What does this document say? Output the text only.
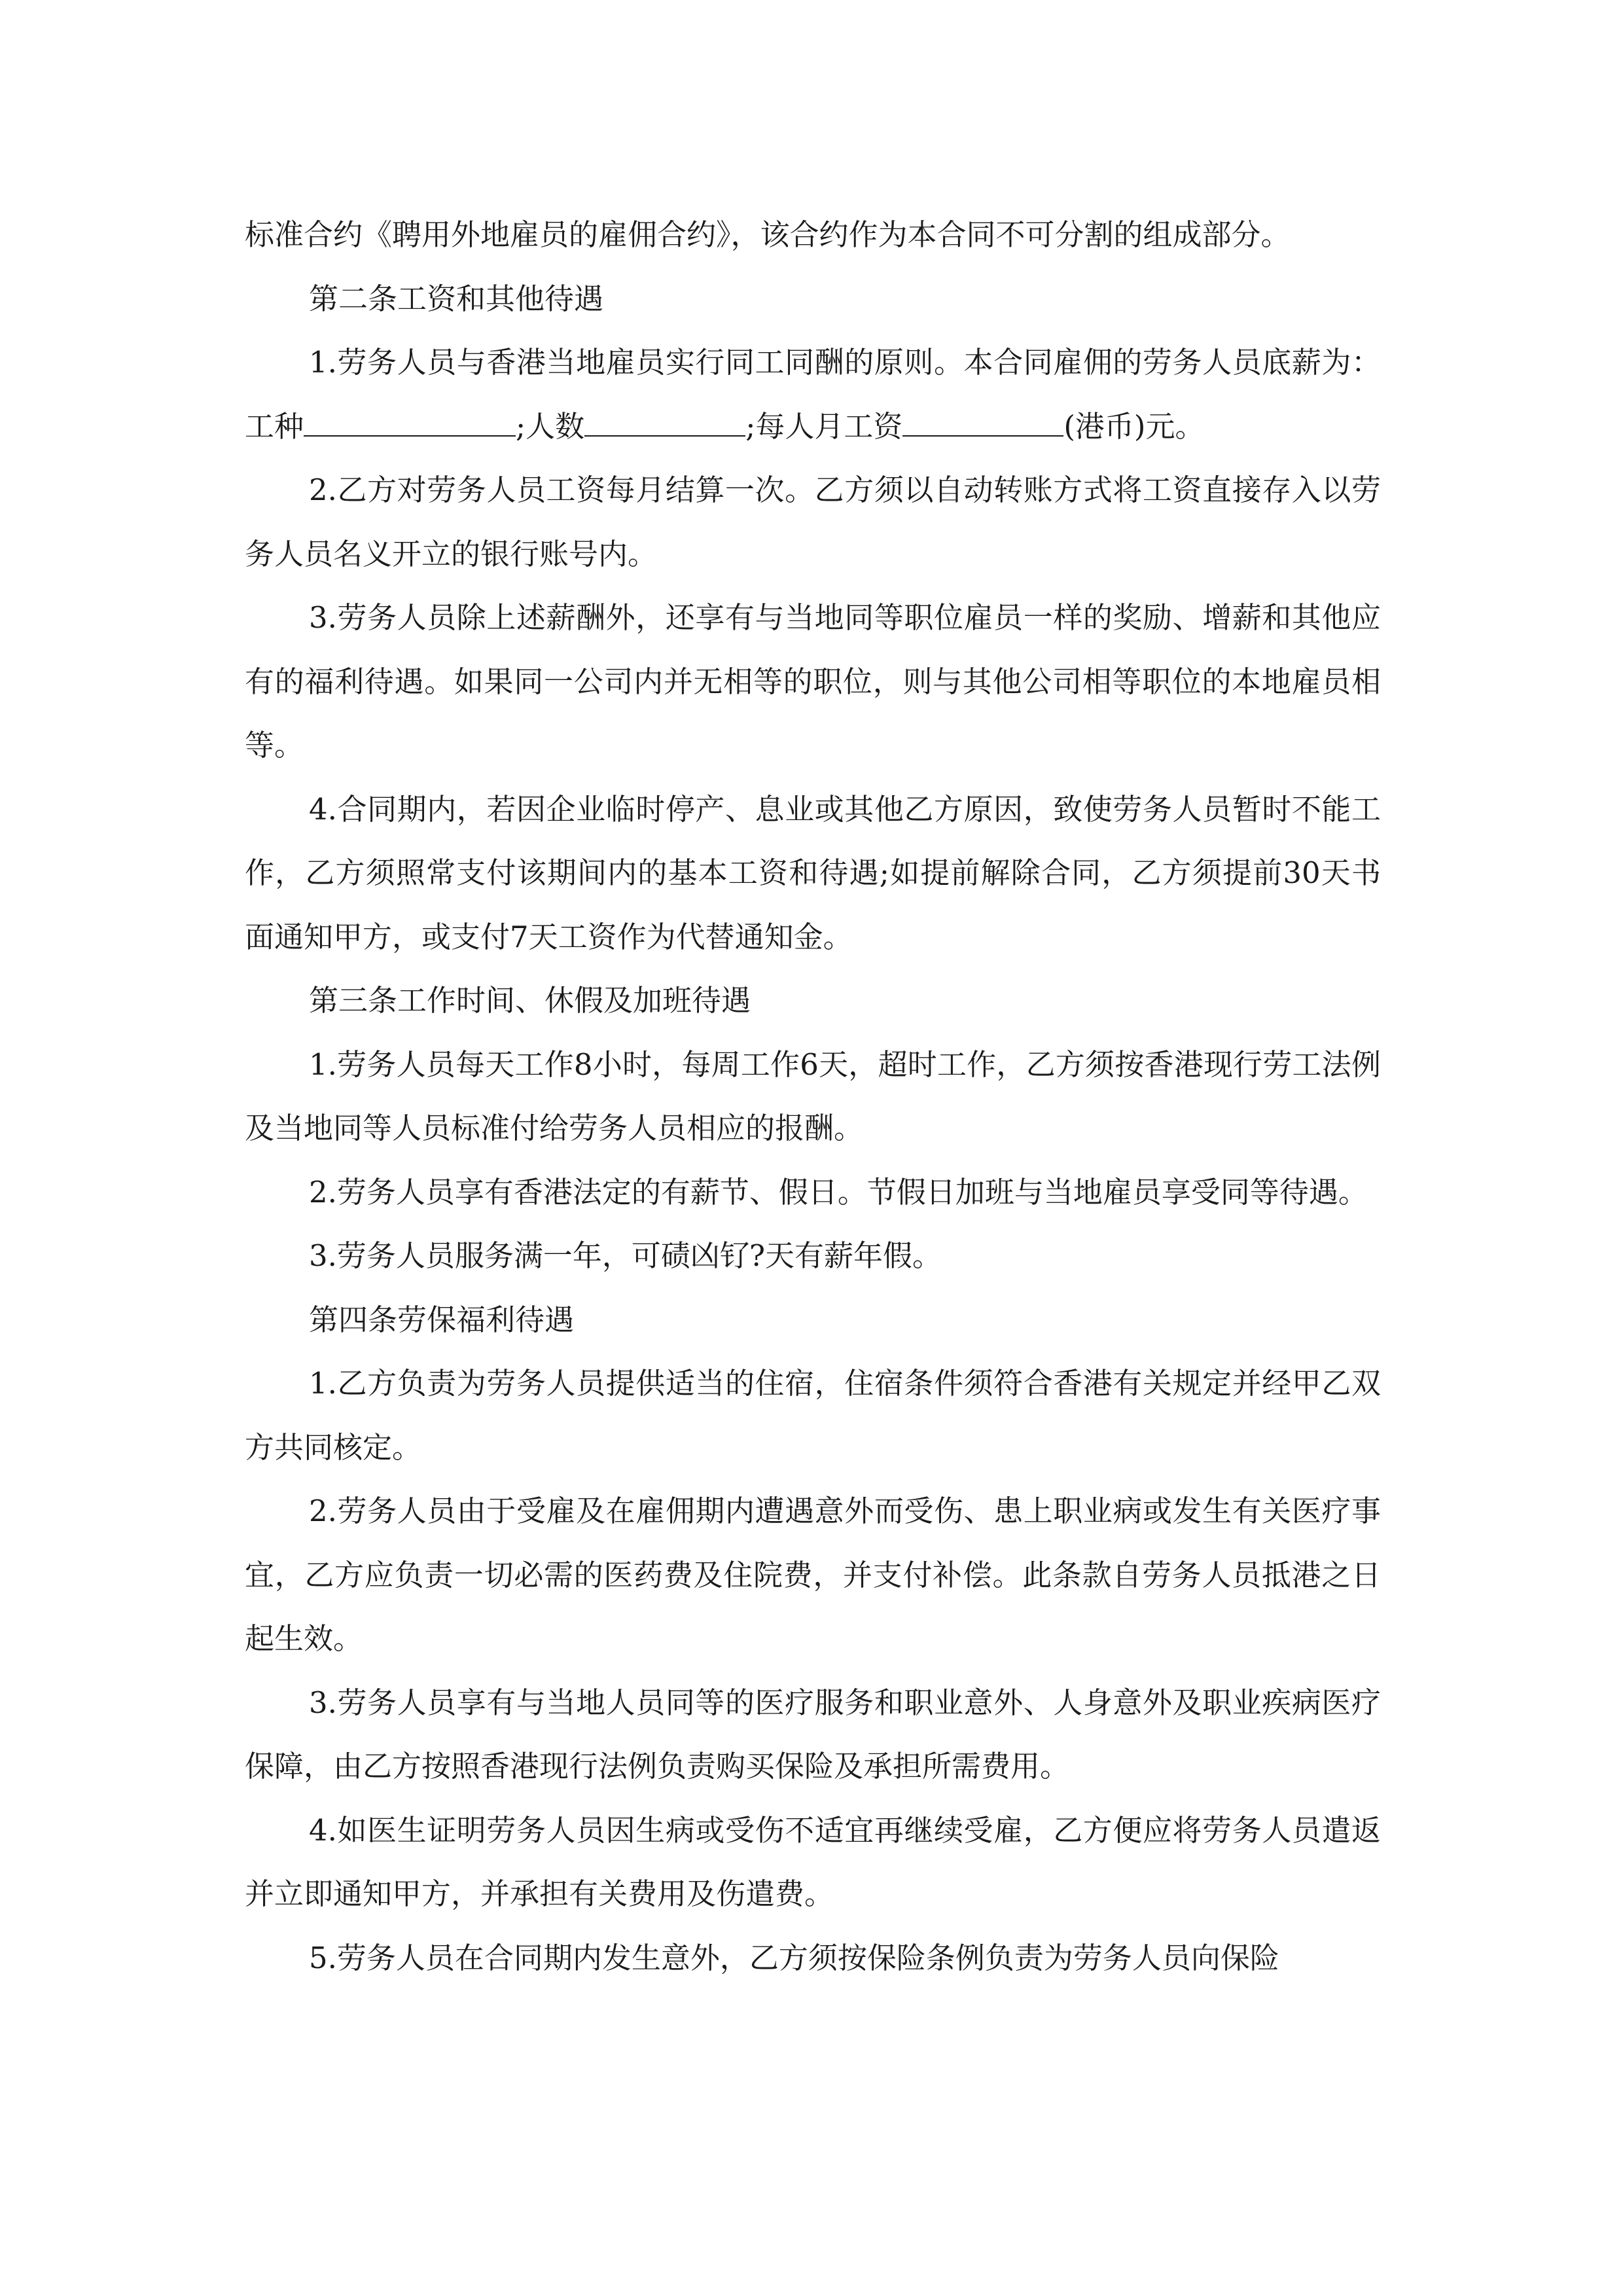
标准合约《聘用外地雇员的雇佣合约》，该合约作为本合同不可分割的组成部分。

第二条工资和其他待遇

1.劳务人员与香港当地雇员实行同工同酬的原则。本合同雇佣的劳务人员底薪为：工种	;人数	;每人月工资	(港币)元。

2.乙方对劳务人员工资每月结算一次。乙方须以自动转账方式将工资直接存入以劳务人员名义开立的银行账号内。

3.劳务人员除上述薪酬外，还享有与当地同等职位雇员一样的奖励、增薪和其他应有的福利待遇。如果同一公司内并无相等的职位，则与其他公司相等职位的本地雇员相等。

4.合同期内，若因企业临时停产、息业或其他乙方原因，致使劳务人员暂时不能工作，乙方须照常支付该期间内的基本工资和待遇;如提前解除合同，乙方须提前30天书面通知甲方，或支付7天工资作为代替通知金。

第三条工作时间、休假及加班待遇

1.劳务人员每天工作8小时，每周工作6天，超时工作，乙方须按香港现行劳工法例及当地同等人员标准付给劳务人员相应的报酬。

2.劳务人员享有香港法定的有薪节、假日。节假日加班与当地雇员享受同等待遇。

3.劳务人员服务满一年，可碛凶钌?天有薪年假。

第四条劳保福利待遇

1.乙方负责为劳务人员提供适当的住宿，住宿条件须符合香港有关规定并经甲乙双方共同核定。

2.劳务人员由于受雇及在雇佣期内遭遇意外而受伤、患上职业病或发生有关医疗事宜，乙方应负责一切必需的医药费及住院费，并支付补偿。此条款自劳务人员抵港之日起生效。

3.劳务人员享有与当地人员同等的医疗服务和职业意外、人身意外及职业疾病医疗保障，由乙方按照香港现行法例负责购买保险及承担所需费用。

4.如医生证明劳务人员因生病或受伤不适宜再继续受雇，乙方便应将劳务人员遣返并立即通知甲方，并承担有关费用及伤遣费。

5.劳务人员在合同期内发生意外，乙方须按保险条例负责为劳务人员向保险
